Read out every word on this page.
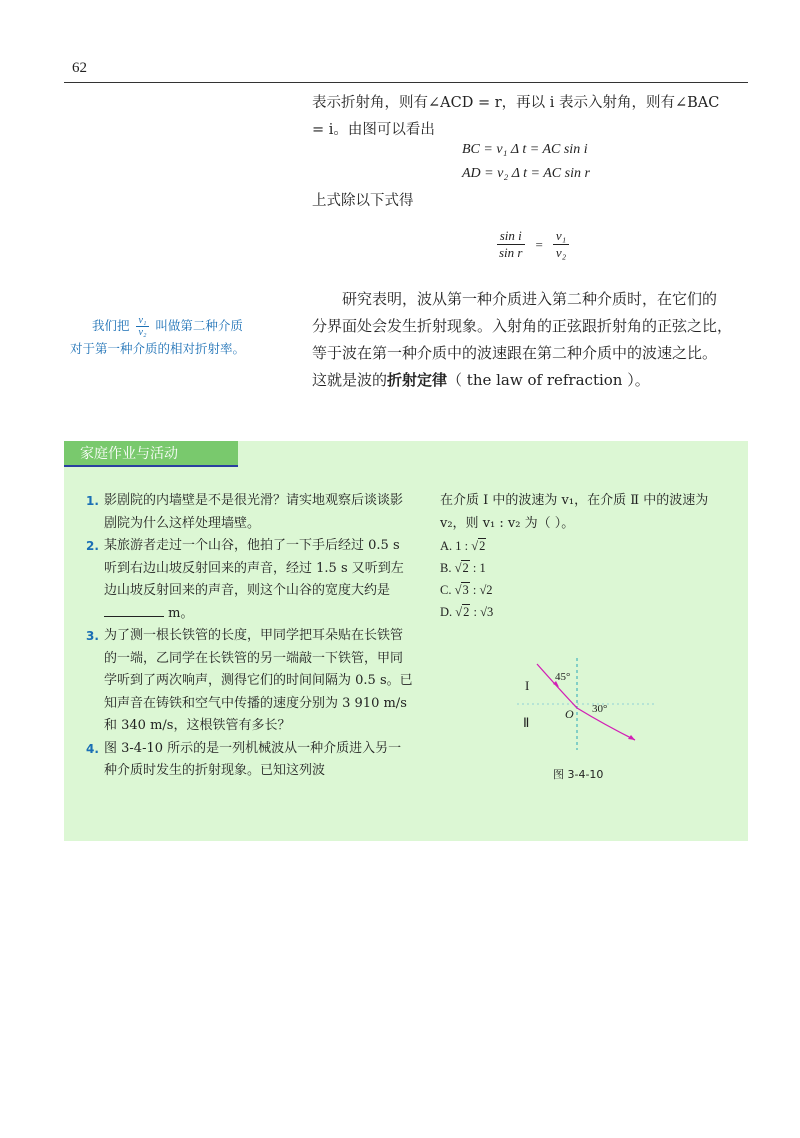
62
表示折射角，则有∠ACD = r，再以 i 表示入射角，则有∠BAC
= i。由图可以看出
BC = v₁ Δ t = AC sin i
AD = v₂ Δ t = AC sin r
上式除以下式得
$\frac{\text{sin i}}{\text{sin r}} = \frac{\text{v₁}}{\text{v₂}}$
研究表明，波从第一种介质进入第二种介质时，在它们的
分界面处会发生折射现象。入射角的正弦跟折射角的正弦之比，
等于波在第一种介质中的波速跟在第二种介质中的波速之比。
这就是波的折射定律（ the law of refraction ）。
我们把 $\frac{\text{v₁}}{\text{v₂}}$ 叫做第二种介质
对于第一种介质的相对折射率。
家庭作业与活动
1. 影剧院的内墙壁是不是很光滑？请实地观察后谈谈影剧院为什么这样处理墙壁。
2. 某旅游者走过一个山谷，他拍了一下手后经过 0.5 s 听到右边山坡反射回来的声音，经过 1.5 s 又听到左边山坡反射回来的声音，则这个山谷的宽度大约是 m。
3. 为了测一根长铁管的长度，甲同学把耳朵贴在长铁管的一端，乙同学在长铁管的另一端敲一下铁管，甲同学听到了两次响声，测得它们的时间间隔为 0.5 s。已知声音在铸铁和空气中传播的速度分别为 3 910 m/s 和 340 m/s，这根铁管有多长？
4. 图 3-4-10 所示的是一列机械波从一种介质进入另一种介质时发生的折射现象。已知这列波
在介质 I 中的波速为 v₁，在介质 Ⅱ 中的波速为
v₂，则 v₁ : v₂ 为（ ）。
A. 1 : √2
B. √2 : 1
C. √3 : √2
D. √2 : √3
I
Ⅱ
O
45°
30°
图 3-4-10
